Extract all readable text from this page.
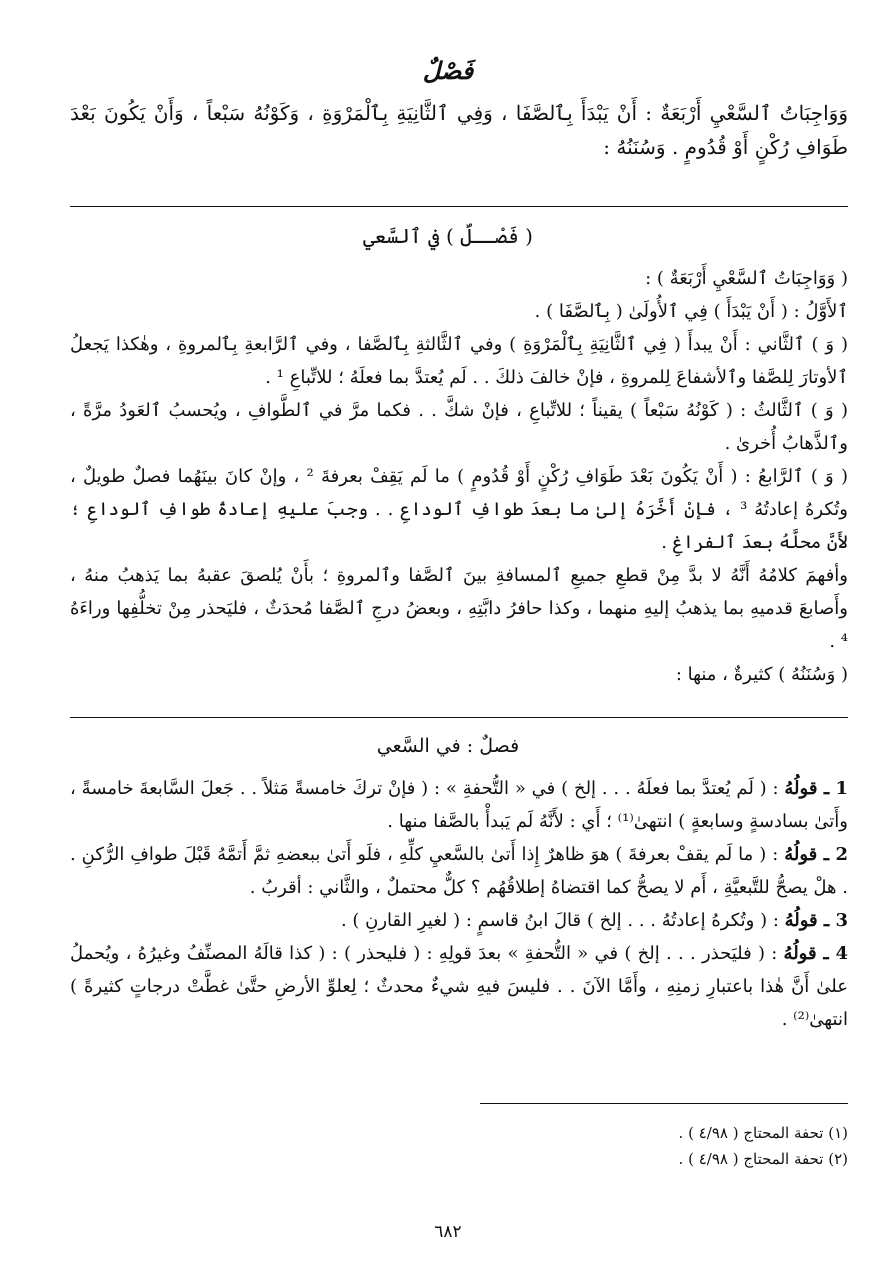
فَصْلٌ

وَوَاجِبَاتُ ٱلسَّعْيِ أَرْبَعَةٌ : أَنْ يَبْدَأَ بِٱلصَّفَا ، وَفِي ٱلثَّانِيَةِ بِٱلْمَرْوَةِ ، وَكَوْنُهُ سَبْعاً ، وَأَنْ يَكُونَ بَعْدَ طَوَافِ رُكْنٍ أَوْ قُدُومٍ . وَسُنَنُهُ :

( فَصْــلٌ ) في ٱلسَّعي

( وَوَاجِبَاتُ ٱلسَّعْيِ أَرْبَعَةٌ ) :

ٱلأَوَّلُ : ( أَنْ يَبْدَأَ ) فِي ٱلأُولَىٰ ( بِٱلصَّفَا ) .

( وَ ) ٱلثَّاني : أَنْ يبدأَ ( فِي ٱلثَّانِيَةِ بِٱلْمَرْوَةِ ) وفي ٱلثَّالثةِ بِٱلصَّفا ، وفي ٱلرَّابعةِ بِٱلمروةِ ، وهٰكذا يَجعلُ ٱلأوتارَ لِلصَّفا وٱلأشفاعَ لِلمروةِ ، فإنْ خالفَ ذلكَ . . لَم يُعتدَّ بما فعلَهُ ؛ للاتِّباعِ ¹ .

( وَ ) ٱلثَّالثُ : ( كَوْنُهُ سَبْعاً ) يقيناً ؛ للاتِّباعِ ، فإنْ شكَّ . . فكما مرَّ في ٱلطَّوافِ ، ويُحسبُ ٱلعَودُ مرَّةً ، وٱلذَّهابُ أُخرىٰ .

( وَ ) ٱلرَّابعُ : ( أَنْ يَكُونَ بَعْدَ طَوَافِ رُكْنٍ أَوْ قُدُومٍ ) ما لَم يَقِفْ بعرفةَ ² ، وإنْ كانَ بينَهُما فصلٌ طويلٌ ، وتُكرهُ إعادتُهُ ³ ، فإنْ أَخَّرَهُ إلىٰ ما بعدَ طوافِ ٱلوداعِ . . وجبَ عليهِ إعادةُ طوافِ ٱلوداعِ ؛ لأَنَّ محلَّهُ بعدَ ٱلفراغِ .

وأفهمَ كلامُهُ أَنَّهُ لا بدَّ مِنْ قطعِ جميعِ ٱلمسافةِ بينَ ٱلصَّفا وٱلمروةِ ؛ بأَنْ يُلصقَ عقبهُ بما يَذهبُ منهُ ، وأَصابعَ قدميهِ بما يذهبُ إليهِ منهما ، وكذا حافرُ دابَّتِهِ ، وبعضُ درجِ ٱلصَّفا مُحدَثٌ ، فليَحذر مِنْ تخلُّفِها وراءَهُ ⁴ .

( وَسُنَنُهُ ) كثيرةٌ ، منها :

فصلٌ : في السَّعي

1 ـ قولُهُ : ( لَم يُعتدَّ بما فعلَهُ . . . إلخ ) في « التُّحفةِ » : ( فإنْ تركَ خامسةً مَثلاً . . جَعلَ السَّابعةَ خامسةً ، وأَتىٰ بسادسةٍ وسابعةٍ ) انتهىٰ⁽¹⁾ ؛ أَي : لأَنَّهُ لَم يَبدأْ بالصَّفا منها .

2 ـ قولُهُ : ( ما لَم يقفْ بعرفةَ ) هوَ ظاهرٌ إِذا أَتىٰ بالسَّعيِ كلِّهِ ، فلَو أَتىٰ ببعضهِ ثمَّ أَتمَّهُ قَبْلَ طوافِ الرُّكنِ . . هلْ يصحُّ للتَّبعيَّةِ ، أَم لا يصحُّ كما اقتضاهُ إطلاقُهُم ؟ كلٌّ محتملٌ ، والثَّاني : أقربُ .

3 ـ قولُهُ : ( وتُكرهُ إعادتُهُ . . . إلخ ) قالَ ابنُ قاسمٍ : ( لغيرِ القارنِ ) .

4 ـ قولُهُ : ( فليَحذر . . . إلخ ) في « التُّحفةِ » بعدَ قولِهِ : ( فليحذر ) : ( كذا قالَهُ المصنِّفُ وغيرُهُ ، ويُحملُ علىٰ أَنَّ هٰذا باعتبارِ زمنِهِ ، وأَمَّا الآنَ . . فليسَ فيهِ شيءٌ محدثٌ ؛ لِعلوِّ الأرضِ حتَّىٰ غطَّتْ درجاتٍ كثيرةً ) انتهىٰ⁽²⁾ .

(١) تحفة المحتاج ( ٤/٩٨ ) .

(٢) تحفة المحتاج ( ٤/٩٨ ) .

٦٨٢
